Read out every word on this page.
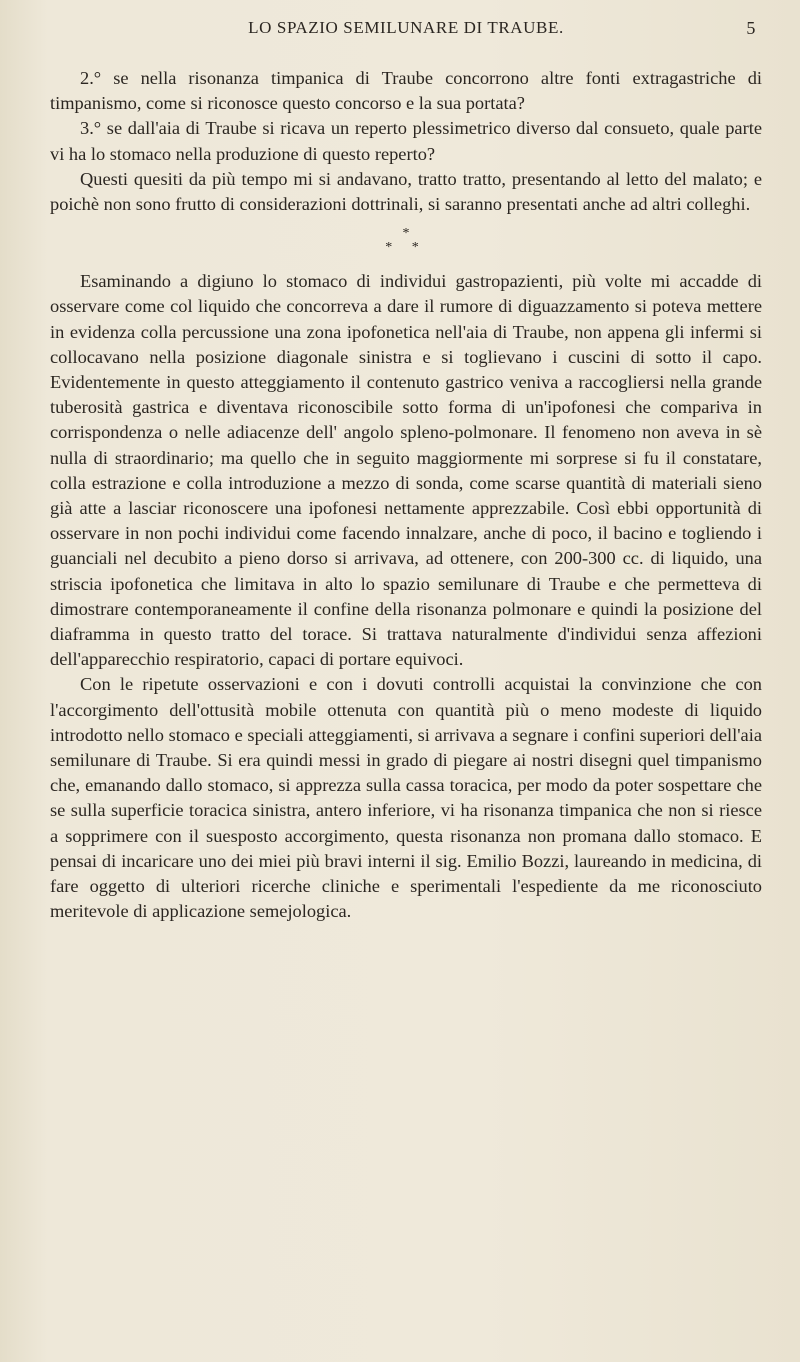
LO SPAZIO SEMILUNARE DI TRAUBE.	5

2.° se nella risonanza timpanica di Traube concorrono altre fonti extragastriche di timpanismo, come si riconosce questo concorso e la sua portata?

3.° se dall'aia di Traube si ricava un reperto plessimetrico diverso dal consueto, quale parte vi ha lo stomaco nella produzione di questo reperto?

Questi quesiti da più tempo mi si andavano, tratto tratto, presentando al letto del malato; e poichè non sono frutto di considerazioni dottrinali, si saranno presentati anche ad altri colleghi.

*
* *

Esaminando a digiuno lo stomaco di individui gastropazienti, più volte mi accadde di osservare come col liquido che concorreva a dare il rumore di diguazzamento si poteva mettere in evidenza colla percussione una zona ipofonetica nell'aia di Traube, non appena gli infermi si collocavano nella posizione diagonale sinistra e si toglievano i cuscini di sotto il capo. Evidentemente in questo atteggiamento il contenuto gastrico veniva a raccogliersi nella grande tuberosità gastrica e diventava riconoscibile sotto forma di un'ipofonesi che compariva in corrispondenza o nelle adiacenze dell' angolo spleno-polmonare. Il fenomeno non aveva in sè nulla di straordinario; ma quello che in seguito maggiormente mi sorprese si fu il constatare, colla estrazione e colla introduzione a mezzo di sonda, come scarse quantità di materiali sieno già atte a lasciar riconoscere una ipofonesi nettamente apprezzabile. Così ebbi opportunità di osservare in non pochi individui come facendo innalzare, anche di poco, il bacino e togliendo i guanciali nel decubito a pieno dorso si arrivava, ad ottenere, con 200-300 cc. di liquido, una striscia ipofonetica che limitava in alto lo spazio semilunare di Traube e che permetteva di dimostrare contemporaneamente il confine della risonanza polmonare e quindi la posizione del diaframma in questo tratto del torace. Si trattava naturalmente d'individui senza affezioni dell'apparecchio respiratorio, capaci di portare equivoci.

Con le ripetute osservazioni e con i dovuti controlli acquistai la convinzione che con l'accorgimento dell'ottusità mobile ottenuta con quantità più o meno modeste di liquido introdotto nello stomaco e speciali atteggiamenti, si arrivava a segnare i confini superiori dell'aia semilunare di Traube. Si era quindi messi in grado di piegare ai nostri disegni quel timpanismo che, emanando dallo stomaco, si apprezza sulla cassa toracica, per modo da poter sospettare che se sulla superficie toracica sinistra, antero inferiore, vi ha risonanza timpanica che non si riesce a sopprimere con il suesposto accorgimento, questa risonanza non promana dallo stomaco. E pensai di incaricare uno dei miei più bravi interni il sig. Emilio Bozzi, laureando in medicina, di fare oggetto di ulteriori ricerche cliniche e sperimentali l'espediente da me riconosciuto meritevole di applicazione semejologica.
